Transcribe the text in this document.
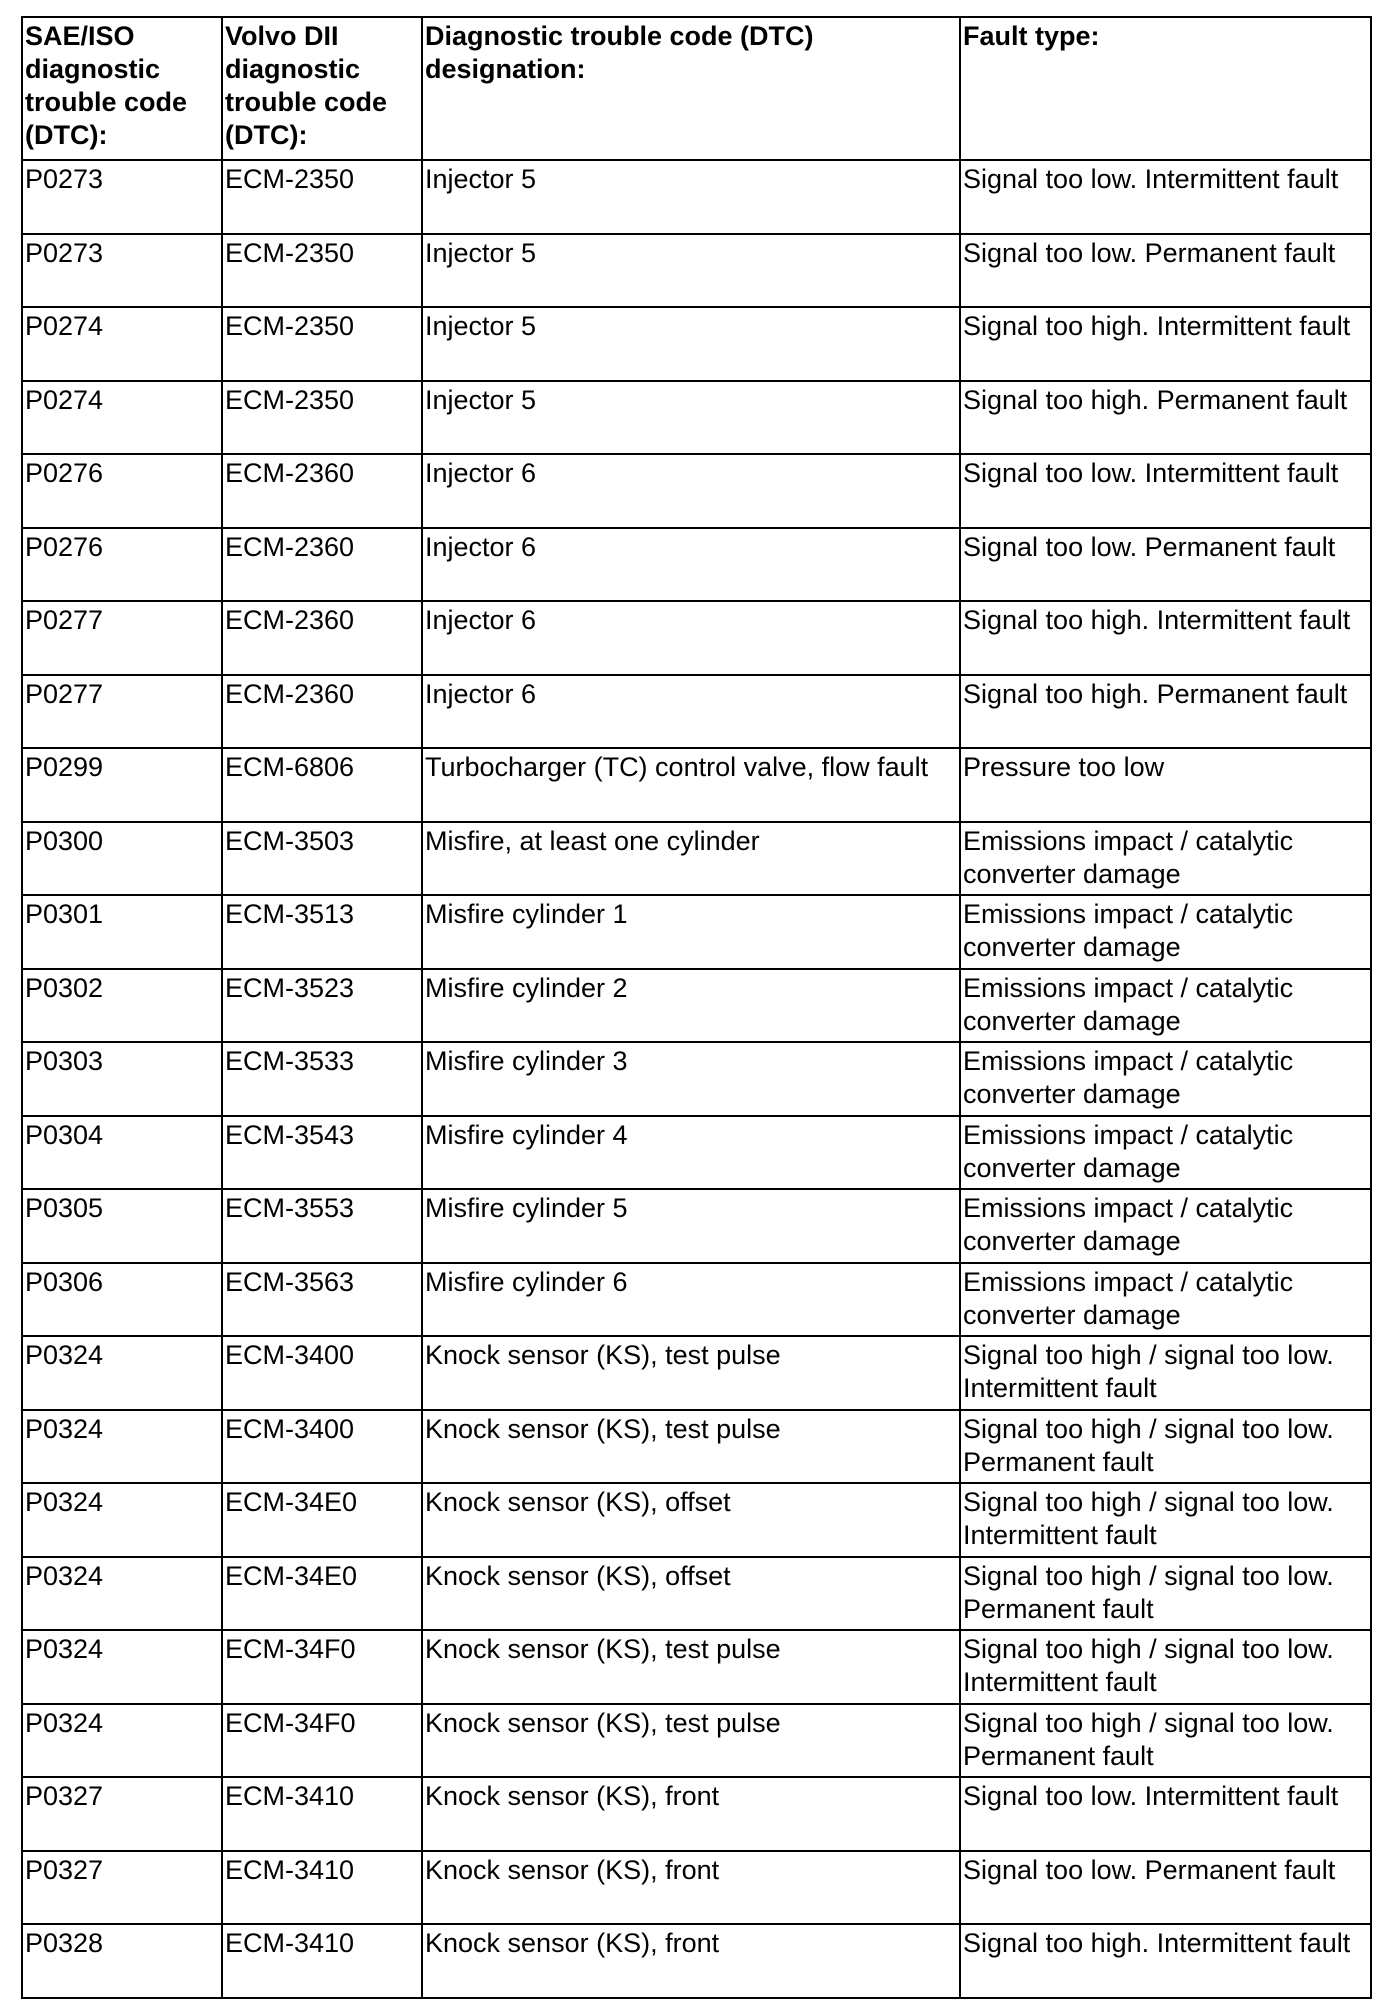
SAE/ISO diagnostic trouble code (DTC):	Volvo DII diagnostic trouble code (DTC):	Diagnostic trouble code (DTC) designation:	Fault type:
P0273	ECM-2350	Injector 5	Signal too low. Intermittent fault
P0273	ECM-2350	Injector 5	Signal too low. Permanent fault
P0274	ECM-2350	Injector 5	Signal too high. Intermittent fault
P0274	ECM-2350	Injector 5	Signal too high. Permanent fault
P0276	ECM-2360	Injector 6	Signal too low. Intermittent fault
P0276	ECM-2360	Injector 6	Signal too low. Permanent fault
P0277	ECM-2360	Injector 6	Signal too high. Intermittent fault
P0277	ECM-2360	Injector 6	Signal too high. Permanent fault
P0299	ECM-6806	Turbocharger (TC) control valve, flow fault	Pressure too low
P0300	ECM-3503	Misfire, at least one cylinder	Emissions impact / catalytic converter damage
P0301	ECM-3513	Misfire cylinder 1	Emissions impact / catalytic converter damage
P0302	ECM-3523	Misfire cylinder 2	Emissions impact / catalytic converter damage
P0303	ECM-3533	Misfire cylinder 3	Emissions impact / catalytic converter damage
P0304	ECM-3543	Misfire cylinder 4	Emissions impact / catalytic converter damage
P0305	ECM-3553	Misfire cylinder 5	Emissions impact / catalytic converter damage
P0306	ECM-3563	Misfire cylinder 6	Emissions impact / catalytic converter damage
P0324	ECM-3400	Knock sensor (KS), test pulse	Signal too high / signal too low. Intermittent fault
P0324	ECM-3400	Knock sensor (KS), test pulse	Signal too high / signal too low. Permanent fault
P0324	ECM-34E0	Knock sensor (KS), offset	Signal too high / signal too low. Intermittent fault
P0324	ECM-34E0	Knock sensor (KS), offset	Signal too high / signal too low. Permanent fault
P0324	ECM-34F0	Knock sensor (KS), test pulse	Signal too high / signal too low. Intermittent fault
P0324	ECM-34F0	Knock sensor (KS), test pulse	Signal too high / signal too low. Permanent fault
P0327	ECM-3410	Knock sensor (KS), front	Signal too low. Intermittent fault
P0327	ECM-3410	Knock sensor (KS), front	Signal too low. Permanent fault
P0328	ECM-3410	Knock sensor (KS), front	Signal too high. Intermittent fault
